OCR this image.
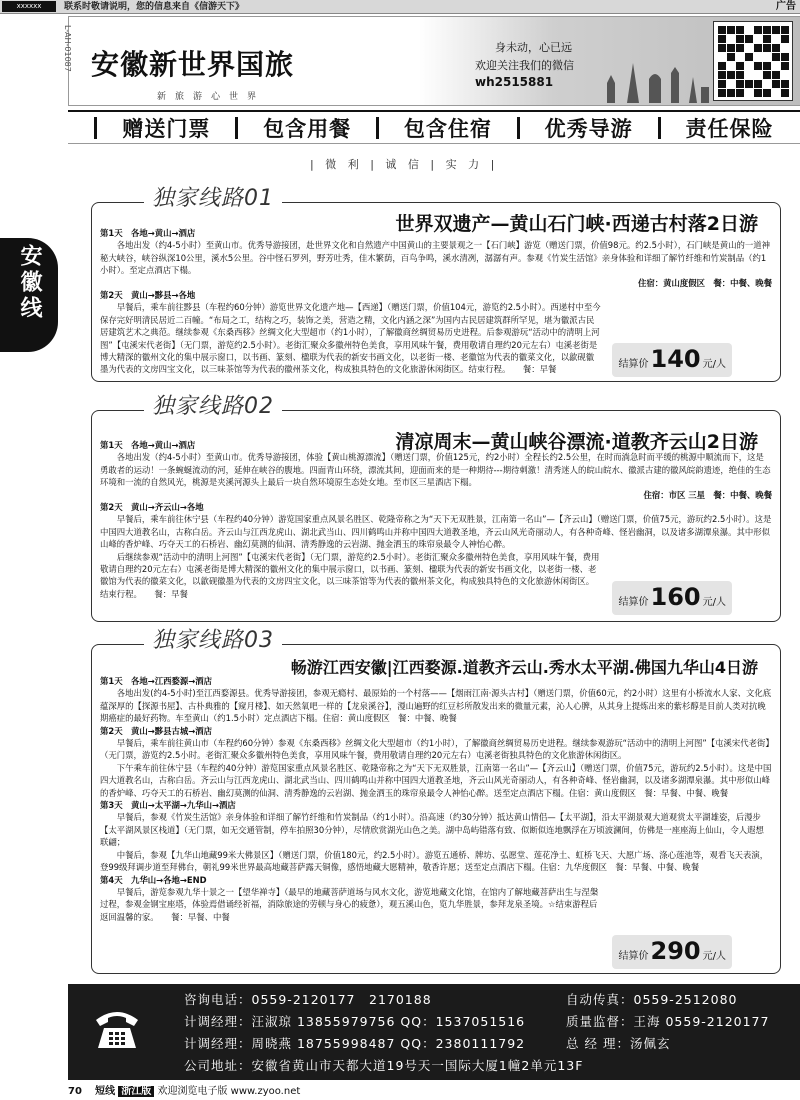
xxxxxx	联系时敬请说明，您的信息来自《信游天下》	广告
L-AH-01087 安徽新世界国旅
新旅游心世界
身未动，心已远
欢迎关注我们的微信
wh2515881
赠送门票	包含用餐	包含住宿	优秀导游	责任保险
安徽线
| 微 利 | 诚 信 | 实 力 |
独家线路01
世界双遗产—黄山石门峡·西递古村落2日游

第1天　各地→黄山→酒店

　　各地出发（约4-5小时）至黄山市。优秀导游接团，赴世界文化和自然遗产中国黄山的主要景观之一【石门峡】游览（赠送门票，价值98元。约2.5小时），石门峡是黄山的一道神秘大峡谷，峡谷纵深10公里，溪水5公里。谷中怪石罗列，野芳吐秀，佳木繁荫，百鸟争鸣，溪水清冽，潺潺有声。参观《竹炭生活馆》亲身体验和详细了解竹纤维和竹炭制品（约1小时）。至定点酒店下榻。

住宿：黄山度假区　餐：中餐、晚餐

第2天　黄山→黟县→各地

　　早餐后，乘车前往黟县（车程约60分钟）游览世界文化遗产地—【西递】（赠送门票，价值104元，游览约2.5小时）。西递村中至今保存完好明清民居近二百幢。“布局之工，结构之巧，装饰之美，营造之精，文化内涵之深”为国内古民居建筑群所罕见，堪为徽派古民居建筑艺术之典范。继续参观《东桑西移》丝绸文化大型超市（约1小时），了解徽商丝绸贸易历史进程。后参观游玩“活动中的清明上河图”【屯溪宋代老街】（无门票，游览约2.5小时）。老街汇聚众多徽州特色美食，享用风味午餐，费用敬请自理约20元左右）屯溪老街是博大精深的徽州文化的集中展示窗口，以书画、篆刻、楹联为代表的新安书画文化，以老街一楼、老徽馆为代表的徽菜文化，以歙砚徽墨为代表的文房四宝文化，以三味茶馆等为代表的徽州茶文化，构成独具特色的文化旅游休闲街区。结束行程。　　餐：早餐	结算价140 元/人
独家线路02
清凉周末—黄山峡谷漂流·道教齐云山2日游

第1天　各地→黄山→酒店

　　各地出发（约4-5小时）至黄山市。优秀导游接团，体验【黄山桃源漂流】（赠送门票，价值125元，约2小时）全程长约2.5公里，在时而淌急时而平缓的桃源中顺流而下，这是勇敢者的运动！一条蜿蜒流动的河，延伸在峡谷的腹地。四面青山环绕，漂流其间，迎面而来的是一种期待---期待刺激！清秀迷人的皖山皖水、徽派古建的徽风皖韵遗迹，绝佳的生态环境和一流的自然风光，桃源是夹溪河源头上最后一块自然环境原生态处女地。至市区三星酒店下榻。

住宿：市区 三星　餐：中餐、晚餐

第2天　黄山→齐云山→各地

　　早餐后，乘车前往休宁县（车程约40分钟）游览国家重点风景名胜区、乾隆帝称之为“天下无双胜景，江南第一名山”—【齐云山】（赠送门票，价值75元，游玩约2.5小时）。这是中国四大道教名山，古称白岳。齐云山与江西龙虎山、湖北武当山、四川鹤鸣山并称中国四大道教圣地，齐云山风光奇丽动人，有各种奇峰、怪岩幽洞，以及诸多湖潭泉瀑。其中形似山峰的香炉峰、巧夺天工的石桥岩、幽幻莫测的仙洞、清秀静逸的云岩湖、抛金洒玉的珠帘泉最令人神怡心醉。

　　后继续参观“活动中的清明上河图”【屯溪宋代老街】（无门票，游览约2.5小时）。老街汇聚众多徽州特色美食，享用风味午餐，费用敬请自理约20元左右）屯溪老街是博大精深的徽州文化的集中展示窗口，以书画、篆刻、楹联为代表的新安书画文化，以老街一楼、老徽馆为代表的徽菜文化，以歙砚徽墨为代表的文房四宝文化，以三味茶馆等为代表的徽州茶文化，构成独具特色的文化旅游休闲街区。结束行程。　　餐：早餐

结算价160 元/人
独家线路03
畅游江西安徽|江西婺源.道教齐云山.秀水太平湖.佛国九华山4日游

第1天　各地→江西婺源→酒店

　　各地出发(约4-5小时)至江西婺源县。优秀导游接团，参观无瘾村、最原始的一个村落——【烟雨江南·源头古村】（赠送门票，价值60元，约2小时）这里有小桥流水人家、文化底蕴深厚的【探源书屋】、古朴典雅的【窥月楼】、如天然氧吧一样的【龙泉溪谷】，漫山遍野的红豆杉所散发出来的微量元素，沁人心脾，从其身上提炼出来的紫杉醇是目前人类对抗晚期癌症的最好药物。车至黄山（约1.5小时）定点酒店下榻。住宿：黄山度假区　餐：中餐、晚餐

第2天　黄山→黟县古城→酒店

　　早餐后，乘车前往黄山市（车程约60分钟）参观《东桑西移》丝绸文化大型超市（约1小时），了解徽商丝绸贸易历史进程。继续参观游玩“活动中的清明上河图”【屯溪宋代老街】（无门票，游览约2.5小时。老街汇聚众多徽州特色美食，享用风味午餐，费用敬请自理约20元左右）屯溪老街独具特色的文化旅游休闲街区。

　　下午乘车前往休宁县（车程约40分钟）游览国家重点风景名胜区、乾隆帝称之为“天下无双胜景，江南第一名山”—【齐云山】（赠送门票，价值75元，游玩约2.5小时）。这是中国四大道教名山，古称白岳。齐云山与江西龙虎山、湖北武当山、四川鹤鸣山并称中国四大道教圣地，齐云山风光奇丽动人，有各种奇峰、怪岩幽洞，以及诸多湖潭泉瀑。其中形似山峰的香炉峰、巧夺天工的石桥岩、幽幻莫测的仙洞、清秀静逸的云岩湖、抛金洒玉的珠帘泉最令人神怡心醉。送至定点酒店下榻。住宿：黄山度假区　餐：早餐、中餐、晚餐

第3天　黄山→太平湖→九华山→酒店

　　早餐后，参观《竹炭生活馆》亲身体验和详细了解竹纤维和竹炭制品（约1小时）。沿高速（约30分钟）抵达黄山情侣—【太平湖】，沿太平湖景观大道观赏太平湖雄姿，后漫步【太平湖风景区栈道】（无门票，如无交通管制，停车拍照30分钟），尽情欣赏湖光山色之美。湖中岛屿错落有致、似断似连地飘浮在万顷波澜间，仿佛是一座座海上仙山，令人遐想联翩；

　　中餐后，参观【九华山地藏99米大佛景区】（赠送门票，价值180元，约2.5小时）。游览五通桥、牌坊、弘愿堂、莲花净土、虹桥飞天、大愿广场、涤心莲池等，观看飞天表演，登99级拜调步道至拜佛台，朝礼99米世界最高地藏菩萨露天铜像，感悟地藏大愿精神，敬香许愿；送至定点酒店下榻。住宿：九华度假区　餐：早餐、中餐、晚餐

第4天　九华山→各地→END

　　早餐后，游览参观九华十景之一【望华禅寺】（最早的地藏菩萨道场与风水文化，游览地藏文化馆，在馆内了解地藏菩萨出生与涅槃过程，参观金钢宝座塔，体验焉借诵经祈福，消除旅途的劳顿与身心的疲惫），观五溪山色，览九华胜景，参拜龙泉圣境。☆结束游程后返回温馨的家。　　餐：早餐、中餐

结算价290 元/人
咨询电话：0559-2120177　2170188	自动传真：0559-2512080
计调经理：汪淑琼 13855979756 QQ：1537051516	质量监督：王海 0559-2120177
计调经理：周晓燕 18755998487 QQ：2380111792	总 经 理：汤佩玄
公司地址：安徽省黄山市天都大道19号天一国际大厦1幢2单元13F
70 短线 浙江版 欢迎浏览电子版 www.zyoo.net
